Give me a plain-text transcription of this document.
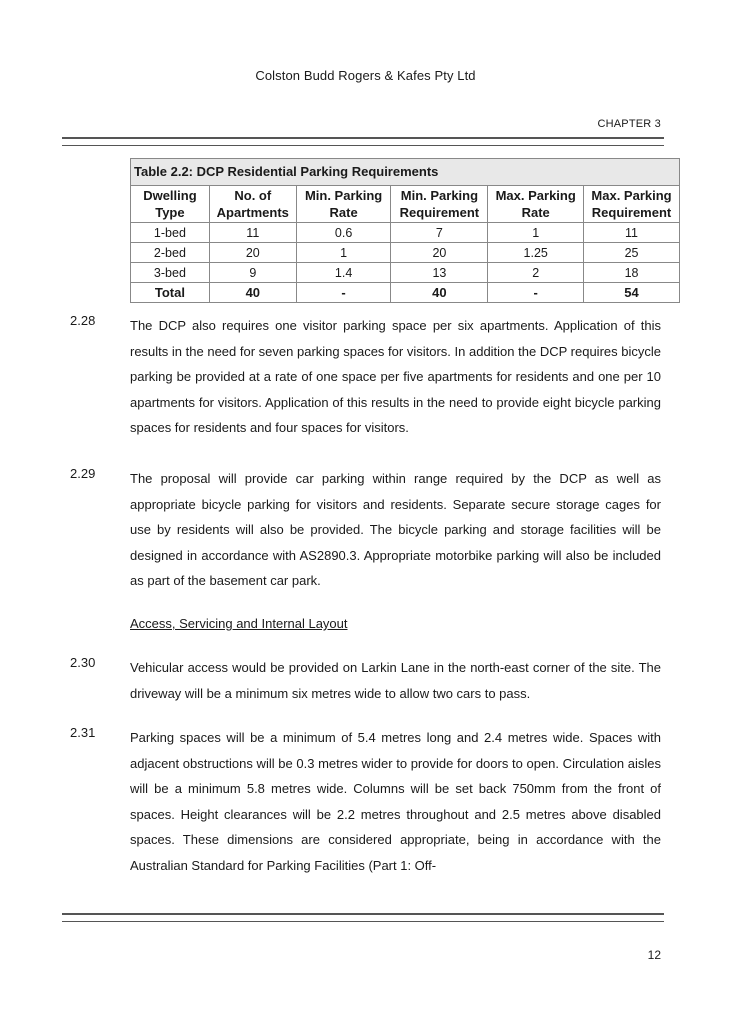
Colston Budd Rogers & Kafes Pty Ltd
CHAPTER 3
Table 2.2: DCP Residential Parking Requirements					
Dwelling Type	No. of Apartments	Min. Parking Rate	Min. Parking Requirement	Max. Parking Rate	Max. Parking Requirement
1-bed	11	0.6	7	1	11
2-bed	20	1	20	1.25	25
3-bed	9	1.4	13	2	18
Total	40	-	40	-	54
2.28	The DCP also requires one visitor parking space per six apartments. Application of this results in the need for seven parking spaces for visitors. In addition the DCP requires bicycle parking be provided at a rate of one space per five apartments for residents and one per 10 apartments for visitors. Application of this results in the need to provide eight bicycle parking spaces for residents and four spaces for visitors.
2.29	The proposal will provide car parking within range required by the DCP as well as appropriate bicycle parking for visitors and residents. Separate secure storage cages for use by residents will also be provided. The bicycle parking and storage facilities will be designed in accordance with AS2890.3. Appropriate motorbike parking will also be included as part of the basement car park.
Access, Servicing and Internal Layout
2.30	Vehicular access would be provided on Larkin Lane in the north-east corner of the site. The driveway will be a minimum six metres wide to allow two cars to pass.
2.31	Parking spaces will be a minimum of 5.4 metres long and 2.4 metres wide. Spaces with adjacent obstructions will be 0.3 metres wider to provide for doors to open. Circulation aisles will be a minimum 5.8 metres wide. Columns will be set back 750mm from the front of spaces. Height clearances will be 2.2 metres throughout and 2.5 metres above disabled spaces. These dimensions are considered appropriate, being in accordance with the Australian Standard for Parking Facilities (Part 1: Off-
12
